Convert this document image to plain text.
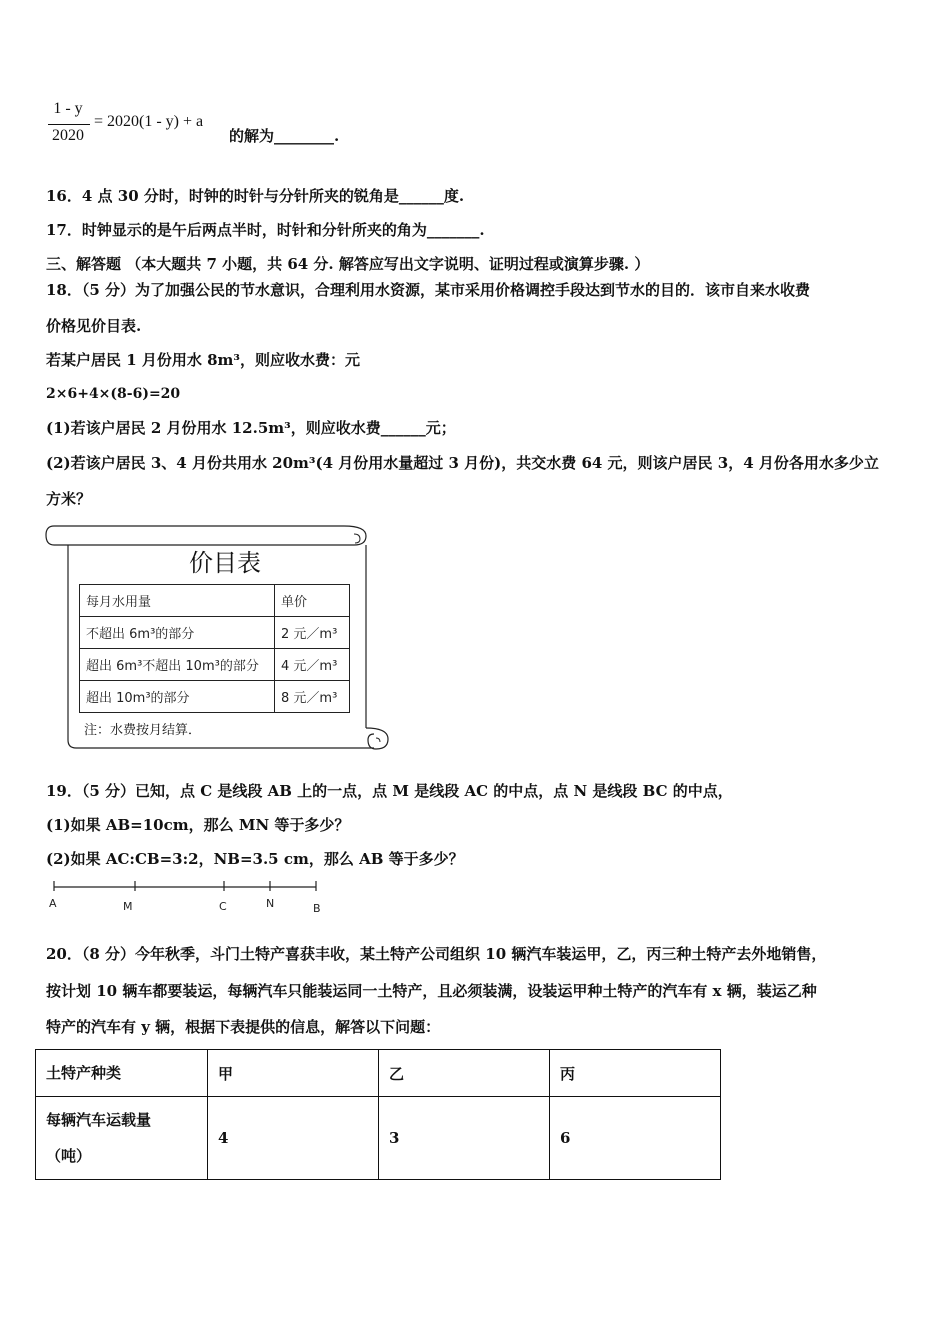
1 - y
2020
= 2020(1 - y) + a
的解为________.
16．4 点 30 分时，时钟的时针与分针所夹的锐角是______度.
17．时钟显示的是午后两点半时，时针和分针所夹的角为_______.
三、解答题 （本大题共 7 小题，共 64 分. 解答应写出文字说明、证明过程或演算步骤. ）
18．（5 分）为了加强公民的节水意识，合理利用水资源，某市采用价格调控手段达到节水的目的．该市自来水收费
价格见价目表.
若某户居民 1 月份用水 8m³，则应收水费：元
2×6+4×(8-6)=20
(1)若该户居民 2 月份用水 12.5m³，则应收水费______元；
(2)若该户居民 3、4 月份共用水 20m³(4 月份用水量超过 3 月份)，共交水费 64 元，则该户居民 3，4 月份各用水多少立
方米？
价目表
每月水用量	单价
不超出 6m³的部分	2 元／m³
超出 6m³不超出 10m³的部分	4 元／m³
超出 10m³的部分	8 元／m³
注：水费按月结算．
19．（5 分）已知，点 C 是线段 AB 上的一点，点 M 是线段 AC 的中点，点 N 是线段 BC 的中点，
(1)如果 AB=10cm，那么 MN 等于多少？
(2)如果 AC:CB=3:2，NB=3.5 cm，那么 AB 等于多少？
A	M	C	N	B
20．（8 分）今年秋季，斗门土特产喜获丰收，某土特产公司组织 10 辆汽车装运甲，乙，丙三种土特产去外地销售，
按计划 10 辆车都要装运，每辆汽车只能装运同一土特产，且必须装满，设装运甲种土特产的汽车有 x 辆，装运乙种
特产的汽车有 y 辆，根据下表提供的信息，解答以下问题：
土特产种类	甲	乙	丙

每辆汽车运载量
（吨）	4	3	6
